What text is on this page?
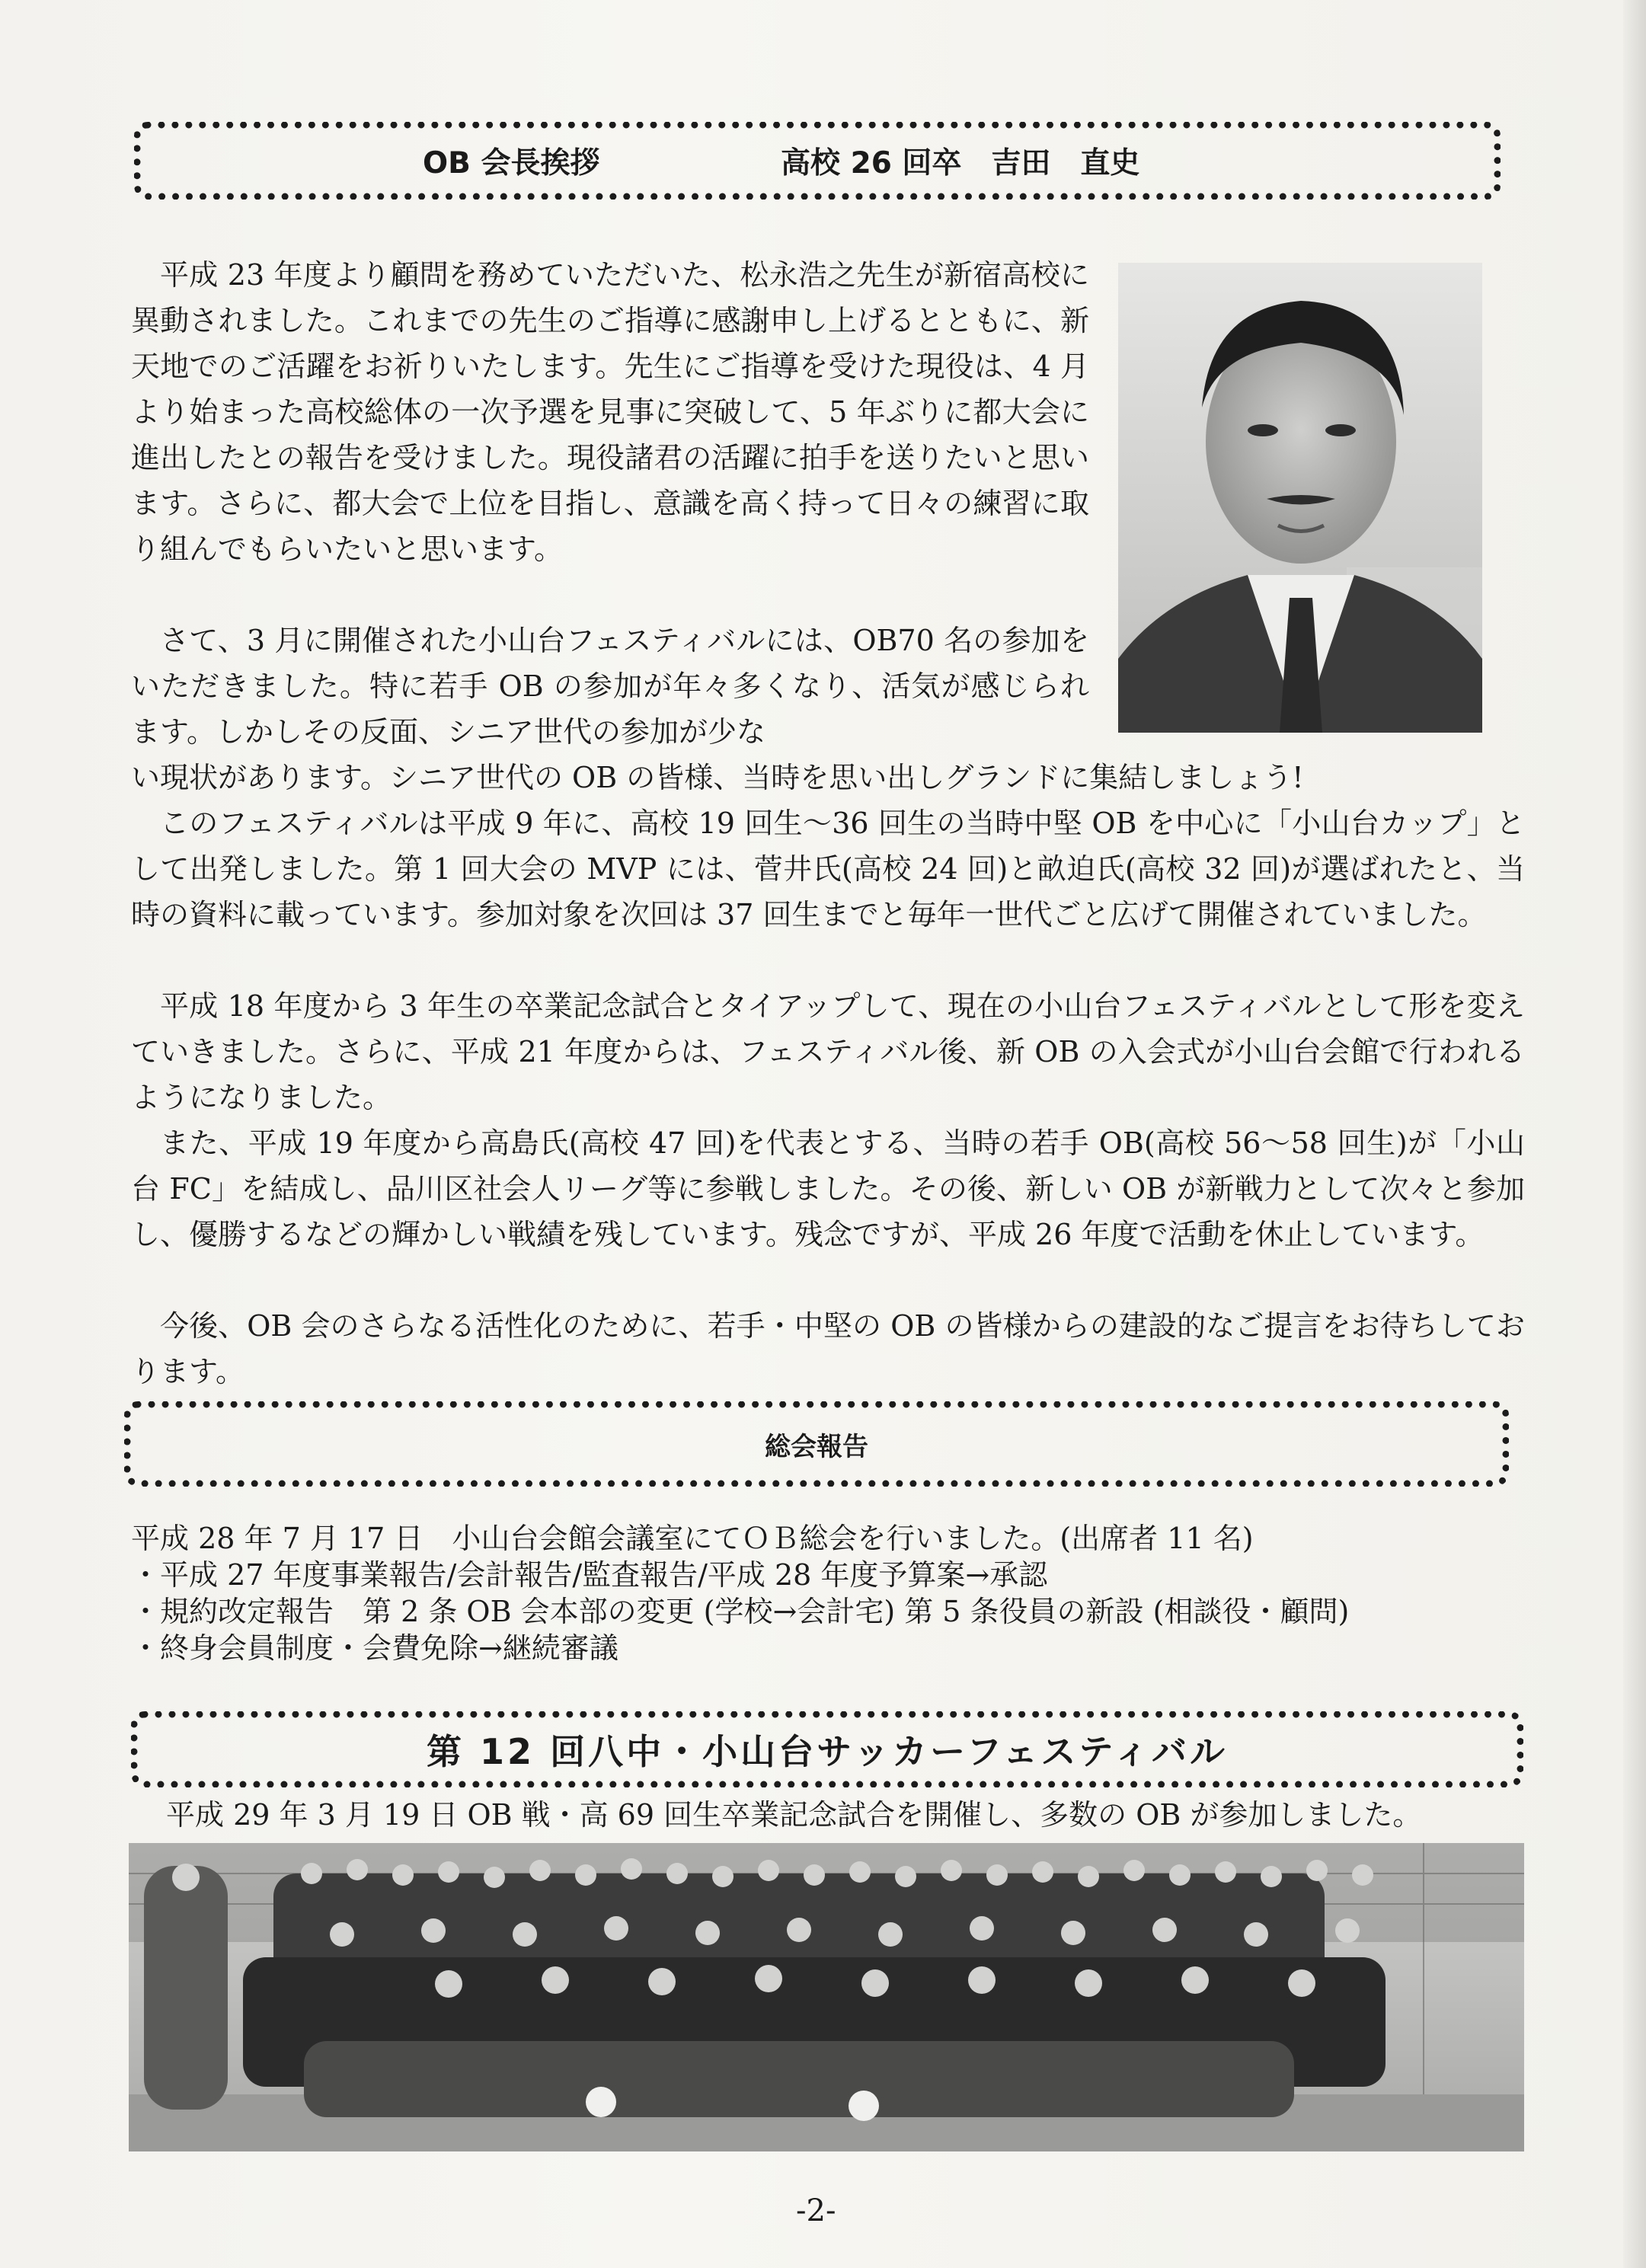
OB 会長挨拶	高校 26 回卒　吉田　直史

平成 23 年度より顧問を務めていただいた、松永浩之先生が新宿高校に異動されました。これまでの先生のご指導に感謝申し上げるとともに、新天地でのご活躍をお祈りいたします。先生にご指導を受けた現役は、4 月より始まった高校総体の一次予選を見事に突破して、5 年ぶりに都大会に進出したとの報告を受けました。現役諸君の活躍に拍手を送りたいと思います。さらに、都大会で上位を目指し、意識を高く持って日々の練習に取り組んでもらいたいと思います。

さて、3 月に開催された小山台フェスティバルには、OB70 名の参加をいただきました。特に若手 OB の参加が年々多くなり、活気が感じられます。しかしその反面、シニア世代の参加が少な

い現状があります。シニア世代の OB の皆様、当時を思い出しグランドに集結しましょう!

このフェスティバルは平成 9 年に、高校 19 回生～36 回生の当時中堅 OB を中心に「小山台カップ」として出発しました。第 1 回大会の MVP には、菅井氏(高校 24 回)と畝迫氏(高校 32 回)が選ばれたと、当時の資料に載っています。参加対象を次回は 37 回生までと毎年一世代ごと広げて開催されていました。

平成 18 年度から 3 年生の卒業記念試合とタイアップして、現在の小山台フェスティバルとして形を変えていきました。さらに、平成 21 年度からは、フェスティバル後、新 OB の入会式が小山台会館で行われるようになりました。

また、平成 19 年度から高島氏(高校 47 回)を代表とする、当時の若手 OB(高校 56～58 回生)が「小山台 FC」を結成し、品川区社会人リーグ等に参戦しました。その後、新しい OB が新戦力として次々と参加し、優勝するなどの輝かしい戦績を残しています。残念ですが、平成 26 年度で活動を休止しています。

今後、OB 会のさらなる活性化のために、若手・中堅の OB の皆様からの建設的なご提言をお待ちしております。

総会報告
平成 28 年 7 月 17 日　小山台会館会議室にてＯＢ総会を行いました。(出席者 11 名)
・平成 27 年度事業報告/会計報告/監査報告/平成 28 年度予算案→承認
・規約改定報告　第 2 条 OB 会本部の変更 (学校→会計宅) 第 5 条役員の新設 (相談役・顧問)
・終身会員制度・会費免除→継続審議
第 12 回八中・小山台サッカーフェスティバル
平成 29 年 3 月 19 日 OB 戦・高 69 回生卒業記念試合を開催し、多数の OB が参加しました。
-2-
